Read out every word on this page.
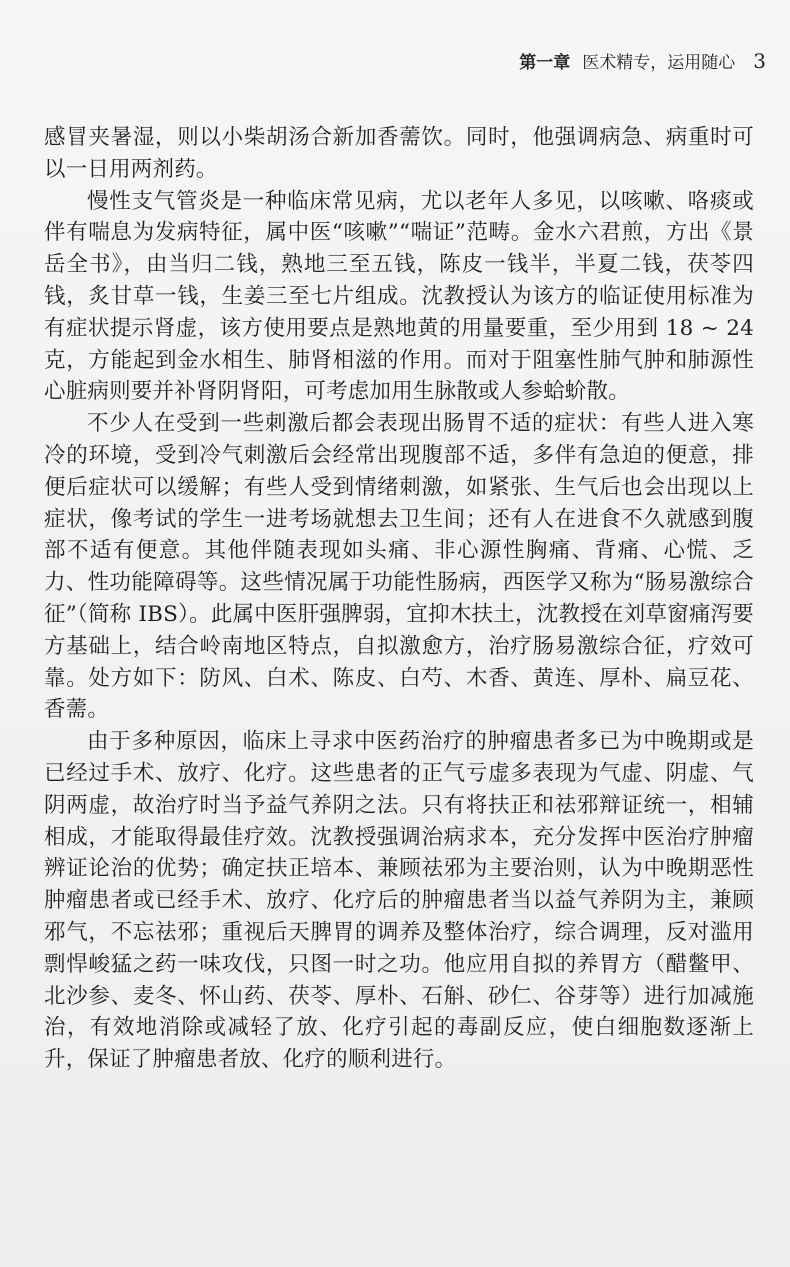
第一章 医术精专，运用随心 3

感冒夹暑湿，则以小柴胡汤合新加香薷饮。同时，他强调病急、病重时可以一日用两剂药。

慢性支气管炎是一种临床常见病，尤以老年人多见，以咳嗽、咯痰或伴有喘息为发病特征，属中医“咳嗽”“喘证”范畴。金水六君煎，方出《景岳全书》，由当归二钱，熟地三至五钱，陈皮一钱半，半夏二钱，茯苓四钱，炙甘草一钱，生姜三至七片组成。沈教授认为该方的临证使用标准为有症状提示肾虚，该方使用要点是熟地黄的用量要重，至少用到 18 ~ 24 克，方能起到金水相生、肺肾相滋的作用。而对于阻塞性肺气肿和肺源性心脏病则要并补肾阴肾阳，可考虑加用生脉散或人参蛤蚧散。

不少人在受到一些刺激后都会表现出肠胃不适的症状：有些人进入寒冷的环境，受到冷气刺激后会经常出现腹部不适，多伴有急迫的便意，排便后症状可以缓解；有些人受到情绪刺激，如紧张、生气后也会出现以上症状，像考试的学生一进考场就想去卫生间；还有人在进食不久就感到腹部不适有便意。其他伴随表现如头痛、非心源性胸痛、背痛、心慌、乏力、性功能障碍等。这些情况属于功能性肠病，西医学又称为“肠易激综合征”（简称 IBS）。此属中医肝强脾弱，宜抑木扶土，沈教授在刘草窗痛泻要方基础上，结合岭南地区特点，自拟激愈方，治疗肠易激综合征，疗效可靠。处方如下：防风、白术、陈皮、白芍、木香、黄连、厚朴、扁豆花、香薷。

由于多种原因，临床上寻求中医药治疗的肿瘤患者多已为中晚期或是已经过手术、放疗、化疗。这些患者的正气亏虚多表现为气虚、阴虚、气阴两虚，故治疗时当予益气养阴之法。只有将扶正和祛邪辩证统一，相辅相成，才能取得最佳疗效。沈教授强调治病求本，充分发挥中医治疗肿瘤辨证论治的优势；确定扶正培本、兼顾祛邪为主要治则，认为中晚期恶性肿瘤患者或已经手术、放疗、化疗后的肿瘤患者当以益气养阴为主，兼顾邪气，不忘祛邪；重视后天脾胃的调养及整体治疗，综合调理，反对滥用剽悍峻猛之药一味攻伐，只图一时之功。他应用自拟的养胃方（醋鳖甲、北沙参、麦冬、怀山药、茯苓、厚朴、石斛、砂仁、谷芽等）进行加减施治，有效地消除或减轻了放、化疗引起的毒副反应，使白细胞数逐渐上升，保证了肿瘤患者放、化疗的顺利进行。
